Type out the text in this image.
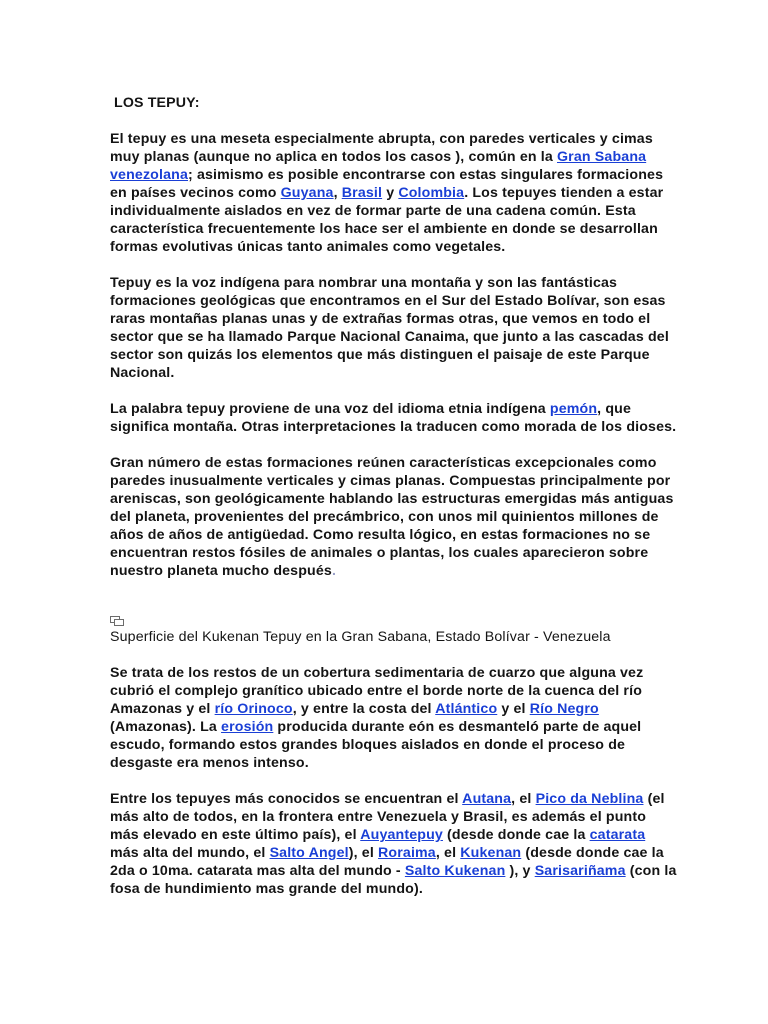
LOS TEPUY:

El tepuy es una meseta especialmente abrupta, con paredes verticales y cimas muy planas (aunque no aplica en todos los casos ), común en la Gran Sabana venezolana; asimismo es posible encontrarse con estas singulares formaciones en países vecinos como Guyana, Brasil y Colombia. Los tepuyes tienden a estar individualmente aislados en vez de formar parte de una cadena común. Esta característica frecuentemente los hace ser el ambiente en donde se desarrollan formas evolutivas únicas tanto animales como vegetales.

Tepuy es la voz indígena para nombrar una montaña y son las fantásticas formaciones geológicas que encontramos en el Sur del Estado Bolívar, son esas raras montañas planas unas y de extrañas formas otras, que vemos en todo el sector que se ha llamado Parque Nacional Canaima, que junto a las cascadas del sector son quizás los elementos que más distinguen el paisaje de este Parque Nacional.

La palabra tepuy proviene de una voz del idioma etnia indígena pemón, que significa montaña. Otras interpretaciones la traducen como morada de los dioses.

Gran número de estas formaciones reúnen características excepcionales como paredes inusualmente verticales y cimas planas. Compuestas principalmente por areniscas, son geológicamente hablando las estructuras emergidas más antiguas del planeta, provenientes del precámbrico, con unos mil quinientos millones de años de años de antigüedad. Como resulta lógico, en estas formaciones no se encuentran restos fósiles de animales o plantas, los cuales aparecieron sobre nuestro planeta mucho después.

Superficie del Kukenan Tepuy en la Gran Sabana, Estado Bolívar - Venezuela

Se trata de los restos de un cobertura sedimentaria de cuarzo que alguna vez cubrió el complejo granítico ubicado entre el borde norte de la cuenca del río Amazonas y el río Orinoco, y entre la costa del Atlántico y el Río Negro (Amazonas). La erosión producida durante eón es desmanteló parte de aquel escudo, formando estos grandes bloques aislados en donde el proceso de desgaste era menos intenso.

Entre los tepuyes más conocidos se encuentran el Autana, el Pico da Neblina (el más alto de todos, en la frontera entre Venezuela y Brasil, es además el punto más elevado en este último país), el Auyantepuy (desde donde cae la catarata más alta del mundo, el Salto Angel), el Roraima, el Kukenan (desde donde cae la 2da o 10ma. catarata mas alta del mundo - Salto Kukenan ), y Sarisariñama (con la fosa de hundimiento mas grande del mundo).
